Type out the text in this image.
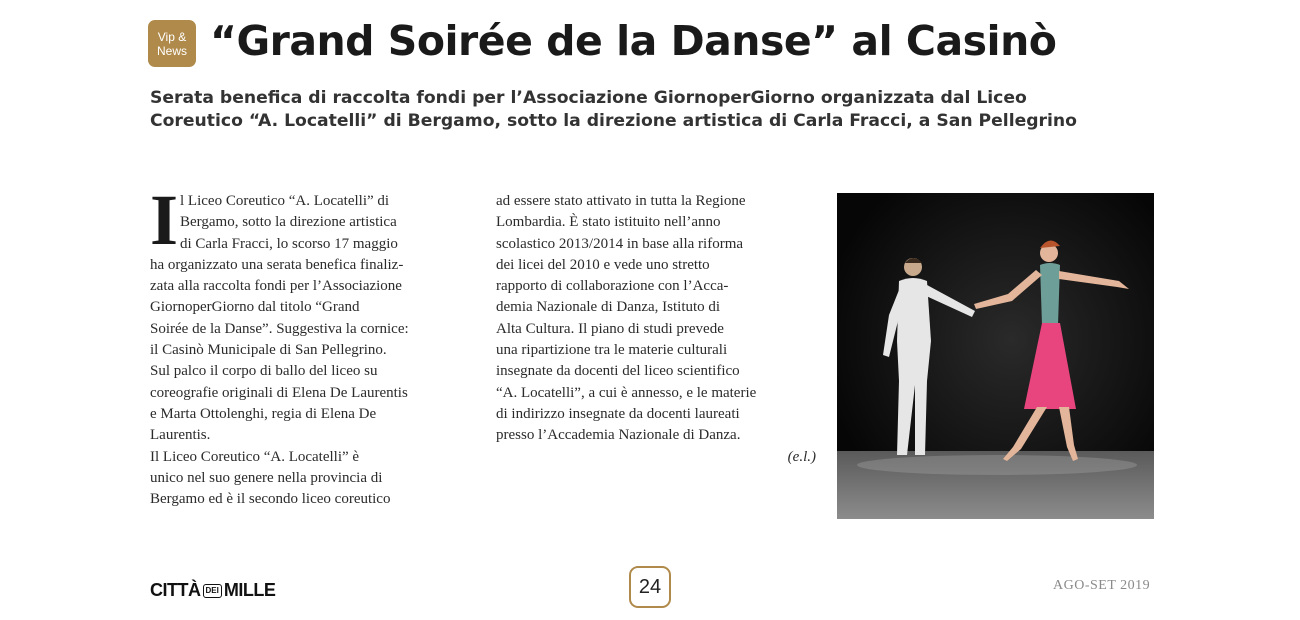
Vip &
News “Grand Soirée de la Danse” al Casinò
Serata benefica di raccolta fondi per l’Associazione GiornoperGiorno organizzata dal Liceo
Coreutico “A. Locatelli” di Bergamo, sotto la direzione artistica di Carla Fracci, a San Pellegrino
I l Liceo Coreutico “A. Locatelli” di
Bergamo, sotto la direzione artistica
di Carla Fracci, lo scorso 17 maggio
ha organizzato una serata benefica finaliz-
zata alla raccolta fondi per l’Associazione
GiornoperGiorno dal titolo “Grand
Soirée de la Danse”. Suggestiva la cornice:
il Casinò Municipale di San Pellegrino.
Sul palco il corpo di ballo del liceo su
coreografie originali di Elena De Laurentis
e Marta Ottolenghi, regia di Elena De
Laurentis.
Il Liceo Coreutico “A. Locatelli” è
unico nel suo genere nella provincia di
Bergamo ed è il secondo liceo coreutico
ad essere stato attivato in tutta la Regione
Lombardia. È stato istituito nell’anno
scolastico 2013/2014 in base alla riforma
dei licei del 2010 e vede uno stretto
rapporto di collaborazione con l’Acca-
demia Nazionale di Danza, Istituto di
Alta Cultura. Il piano di studi prevede
una ripartizione tra le materie culturali
insegnate da docenti del liceo scientifico
“A. Locatelli”, a cui è annesso, e le materie
di indirizzo insegnate da docenti laureati
presso l’Accademia Nazionale di Danza.
(e.l.)
CITTÀ DEI MILLE	24	AGO-SET 2019
